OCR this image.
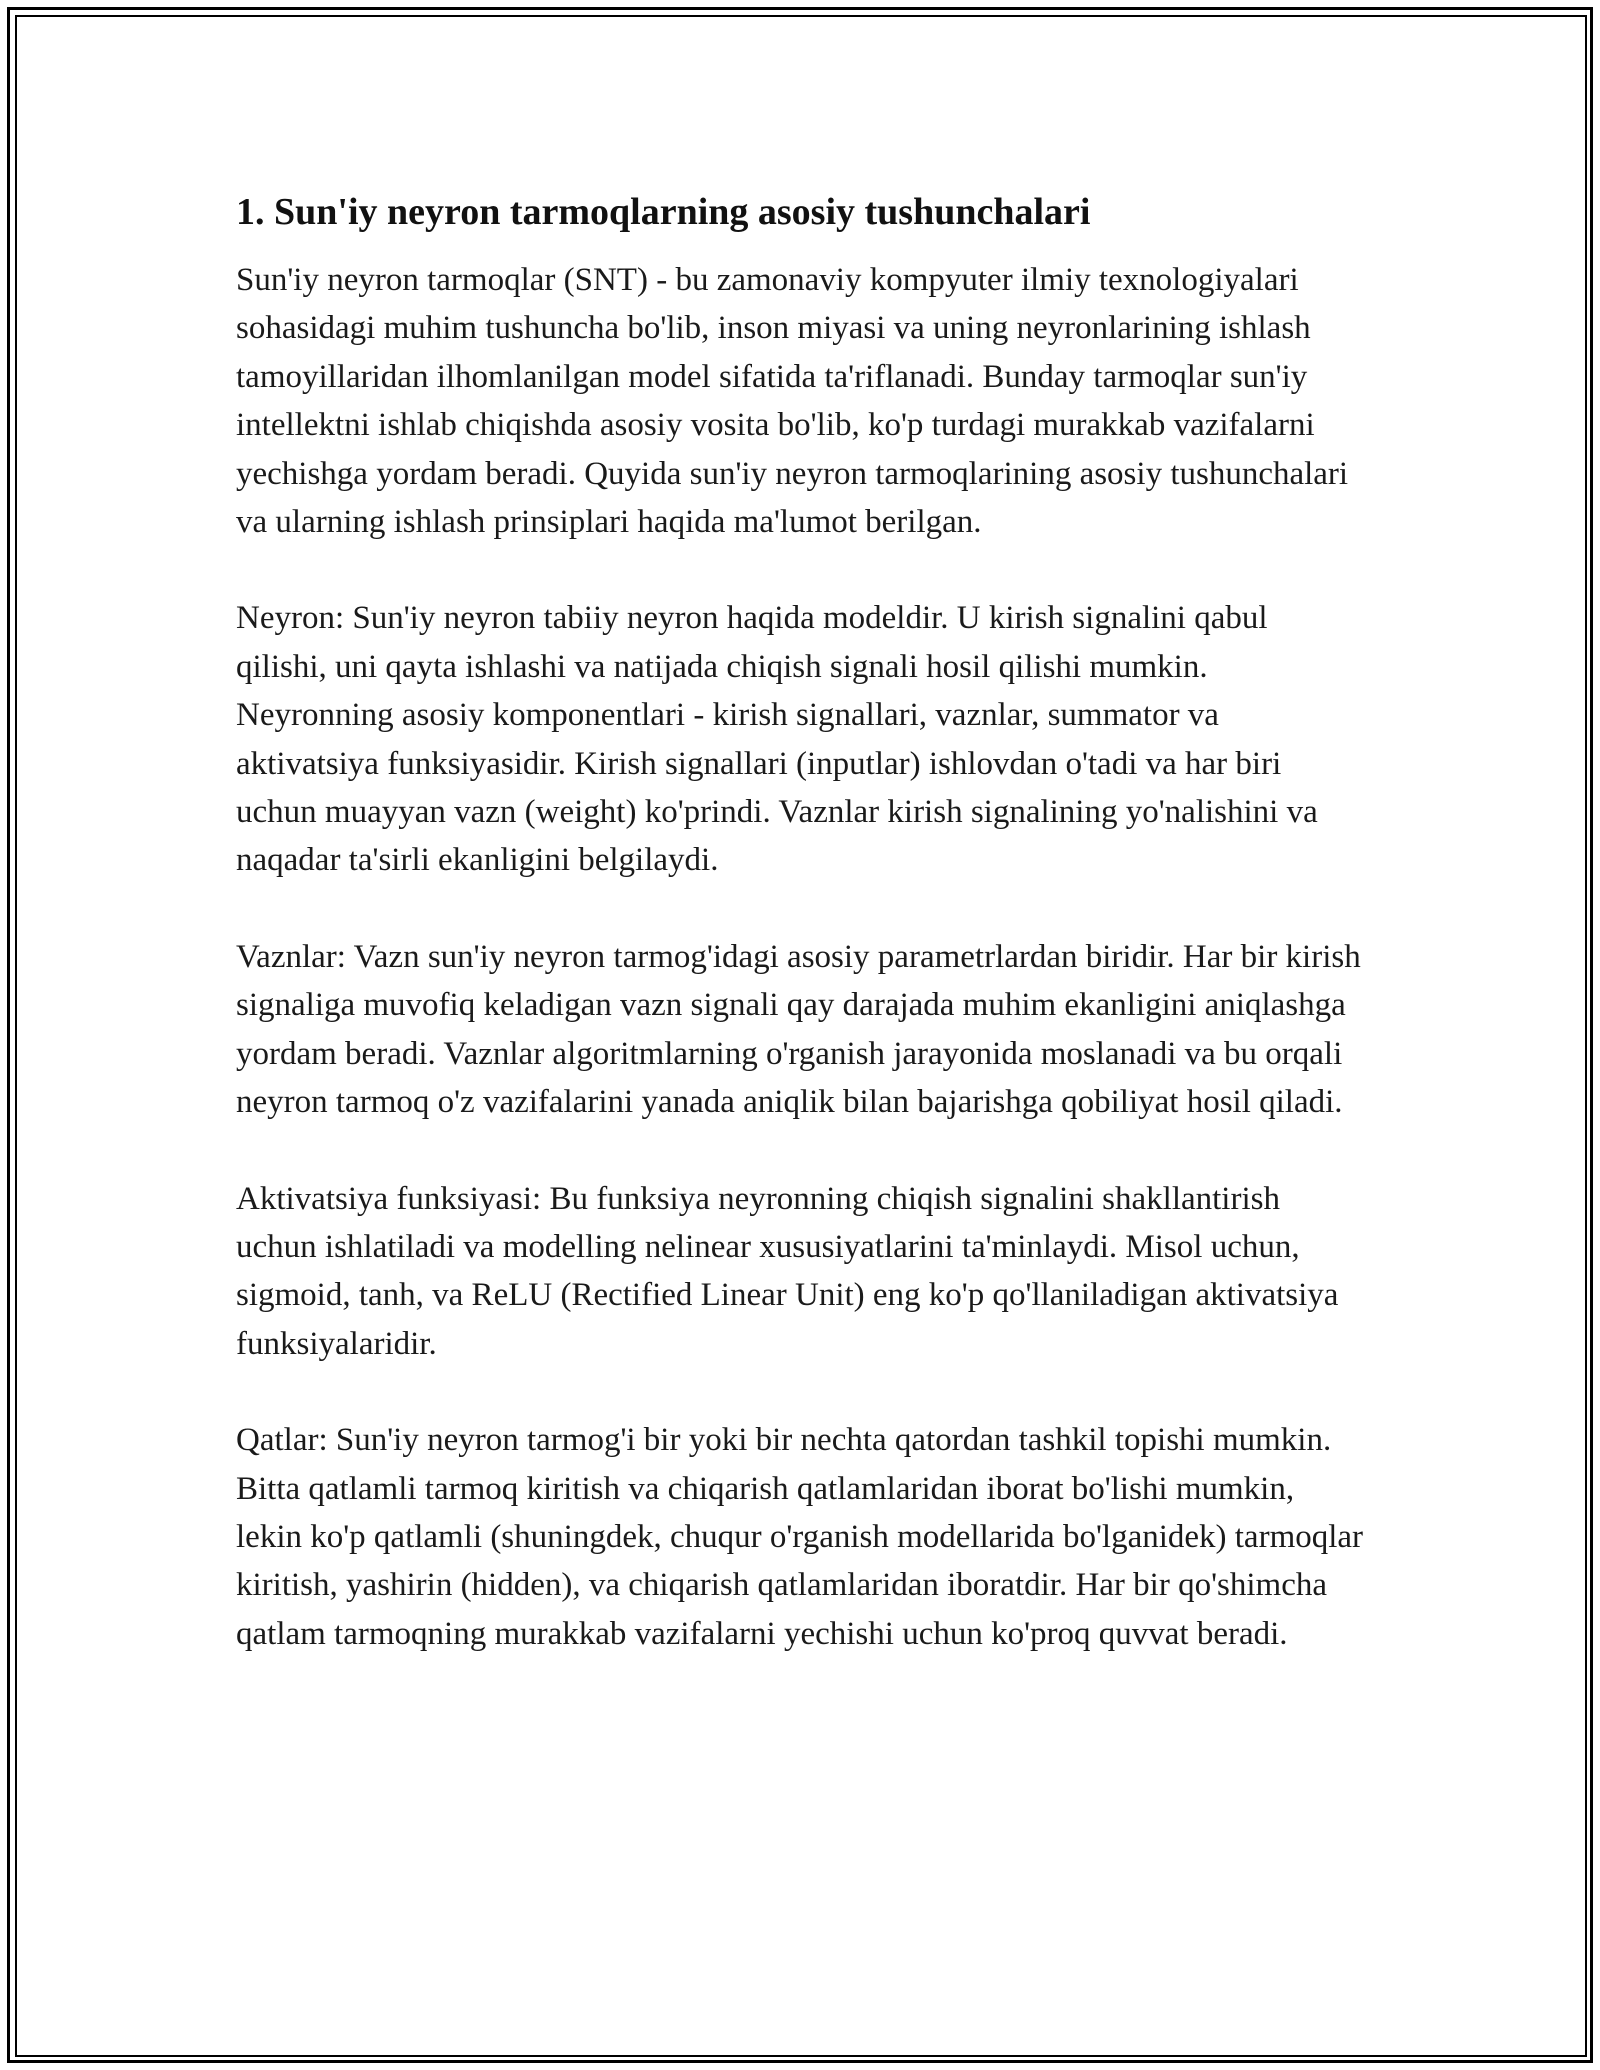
1. Sun'iy neyron tarmoqlarning asosiy tushunchalari

Sun'iy neyron tarmoqlar (SNT) - bu zamonaviy kompyuter ilmiy texnologiyalari sohasidagi muhim tushuncha bo'lib, inson miyasi va uning neyronlarining ishlash tamoyillaridan ilhomlanilgan model sifatida ta'riflanadi. Bunday tarmoqlar sun'iy intellektni ishlab chiqishda asosiy vosita bo'lib, ko'p turdagi murakkab vazifalarni yechishga yordam beradi. Quyida sun'iy neyron tarmoqlarining asosiy tushunchalari va ularning ishlash prinsiplari haqida ma'lumot berilgan.

Neyron: Sun'iy neyron tabiiy neyron haqida modeldir. U kirish signalini qabul qilishi, uni qayta ishlashi va natijada chiqish signali hosil qilishi mumkin. Neyronning asosiy komponentlari - kirish signallari, vaznlar, summator va aktivatsiya funksiyasidir. Kirish signallari (inputlar) ishlovdan o'tadi va har biri uchun muayyan vazn (weight) ko'prindi. Vaznlar kirish signalining yo'nalishini va naqadar ta'sirli ekanligini belgilaydi.

Vaznlar: Vazn sun'iy neyron tarmog'idagi asosiy parametrlardan biridir. Har bir kirish signaliga muvofiq keladigan vazn signali qay darajada muhim ekanligini aniqlashga yordam beradi. Vaznlar algoritmlarning o'rganish jarayonida moslanadi va bu orqali neyron tarmoq o'z vazifalarini yanada aniqlik bilan bajarishga qobiliyat hosil qiladi.

Aktivatsiya funksiyasi: Bu funksiya neyronning chiqish signalini shakllantirish uchun ishlatiladi va modelling nelinear xususiyatlarini ta'minlaydi. Misol uchun, sigmoid, tanh, va ReLU (Rectified Linear Unit) eng ko'p qo'llaniladigan aktivatsiya funksiyalaridir.

Qatlar: Sun'iy neyron tarmog'i bir yoki bir nechta qatordan tashkil topishi mumkin. Bitta qatlamli tarmoq kiritish va chiqarish qatlamlaridan iborat bo'lishi mumkin, lekin ko'p qatlamli (shuningdek, chuqur o'rganish modellarida bo'lganidek) tarmoqlar kiritish, yashirin (hidden), va chiqarish qatlamlaridan iboratdir. Har bir qo'shimcha qatlam tarmoqning murakkab vazifalarni yechishi uchun ko'proq quvvat beradi.
